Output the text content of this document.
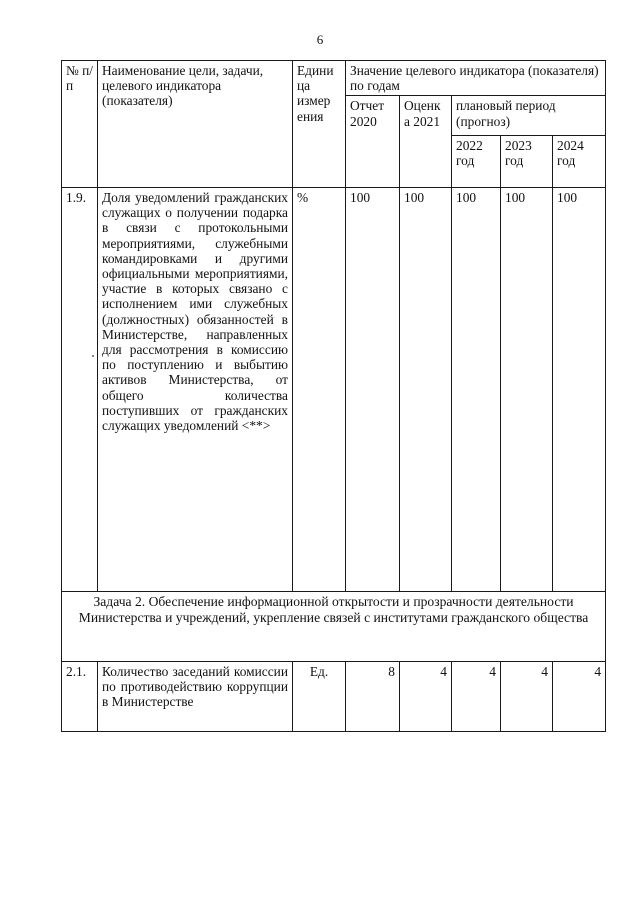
6
№ п/п	Наименование цели, задачи, целевого индикатора (показателя)	Едини ца измер ения	Значение целевого индикатора (показателя) по годам				
			Отчет 2020	Оценк а 2021	плановый период (прогноз)		
					2022 год	2023 год	2024 год
1.9.	Доля уведомлений гражданских служащих о получении подарка в связи с протокольными мероприятиями, служебными командировками и другими официальными мероприятиями, участие в которых связано с исполнением ими служебных (должностных) обязанностей в Министерстве, направленных для рассмотрения в комиссию по поступлению и выбытию активов Министерства, от общего количества поступивших от гражданских служащих уведомлений <**>	%	100	100	100	100	100
Задача 2. Обеспечение информационной открытости и прозрачности деятельности Министерства и учреждений, укрепление связей с институтами гражданского общества							
2.1.	Количество заседаний комиссии по противодействию коррупции в Министерстве	Ед.	8	4	4	4	4
